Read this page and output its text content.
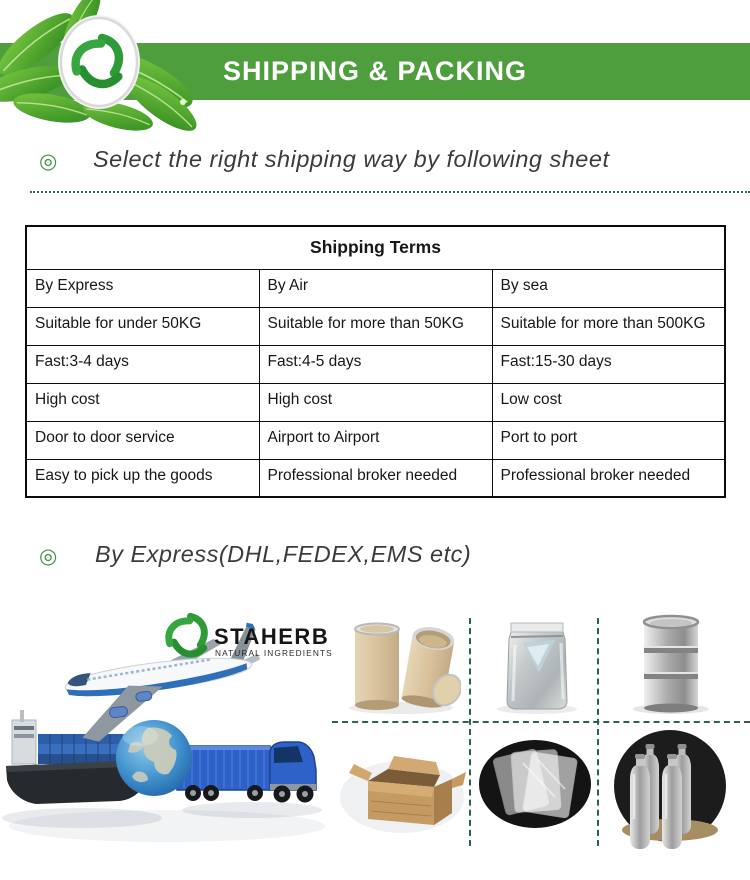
SHIPPING & PACKING
◎ Select the right shipping way by following sheet
Shipping Terms		
By Express	By Air	By sea
Suitable for under 50KG	Suitable for more than 50KG	Suitable for more than 500KG
Fast:3-4 days	Fast:4-5 days	Fast:15-30 days
High cost	High cost	Low cost
Door to door service	Airport to Airport	Port to port
Easy to pick up the goods	Professional broker needed	Professional broker needed
◎ By Express(DHL,FEDEX,EMS etc)
STAHERB
NATURAL INGREDIENTS
